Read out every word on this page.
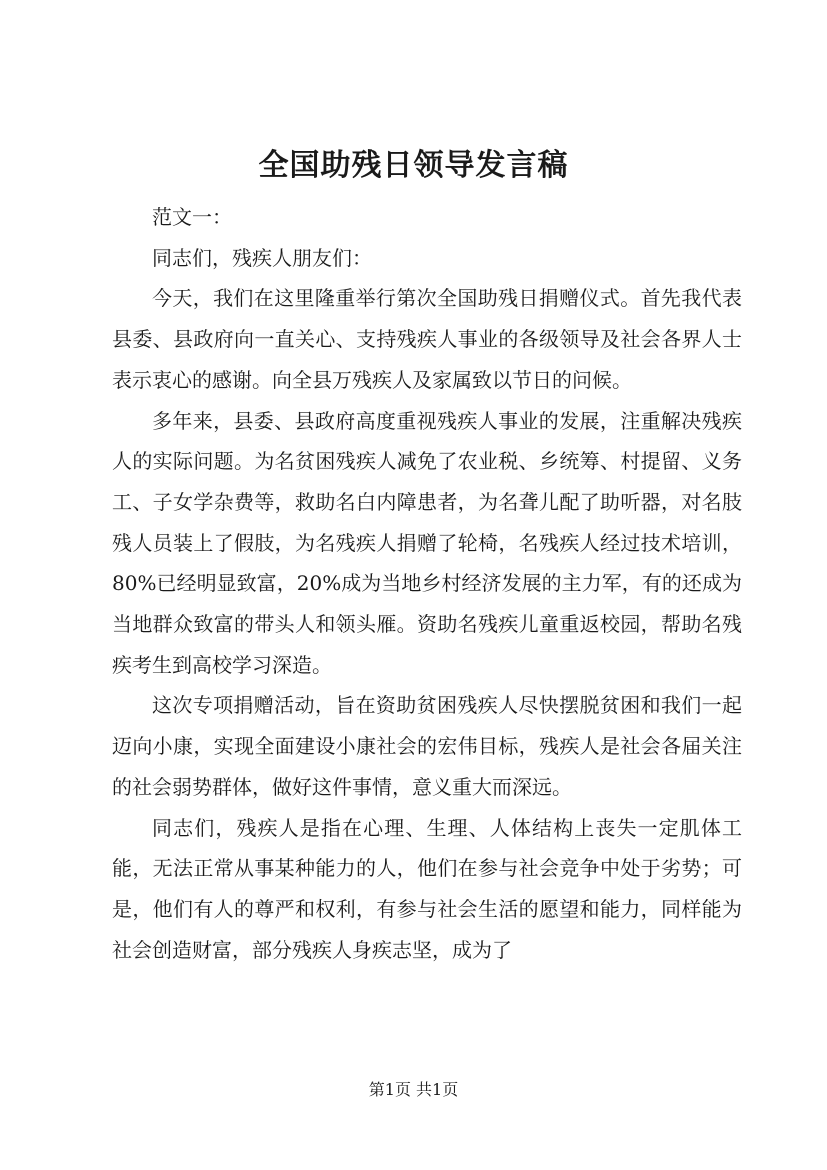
全国助残日领导发言稿

范文一：

同志们，残疾人朋友们：

今天，我们在这里隆重举行第次全国助残日捐赠仪式。首先我代表县委、县政府向一直关心、支持残疾人事业的各级领导及社会各界人士表示衷心的感谢。向全县万残疾人及家属致以节日的问候。

多年来，县委、县政府高度重视残疾人事业的发展，注重解决残疾人的实际问题。为名贫困残疾人减免了农业税、乡统筹、村提留、义务工、子女学杂费等，救助名白内障患者，为名聋儿配了助听器，对名肢残人员装上了假肢，为名残疾人捐赠了轮椅，名残疾人经过技术培训，80%已经明显致富，20%成为当地乡村经济发展的主力军，有的还成为当地群众致富的带头人和领头雁。资助名残疾儿童重返校园，帮助名残疾考生到高校学习深造。

这次专项捐赠活动，旨在资助贫困残疾人尽快摆脱贫困和我们一起迈向小康，实现全面建设小康社会的宏伟目标，残疾人是社会各届关注的社会弱势群体，做好这件事情，意义重大而深远。

同志们，残疾人是指在心理、生理、人体结构上丧失一定肌体工能，无法正常从事某种能力的人，他们在参与社会竞争中处于劣势；可是，他们有人的尊严和权利，有参与社会生活的愿望和能力，同样能为社会创造财富，部分残疾人身疾志坚，成为了

第1页 共1页
